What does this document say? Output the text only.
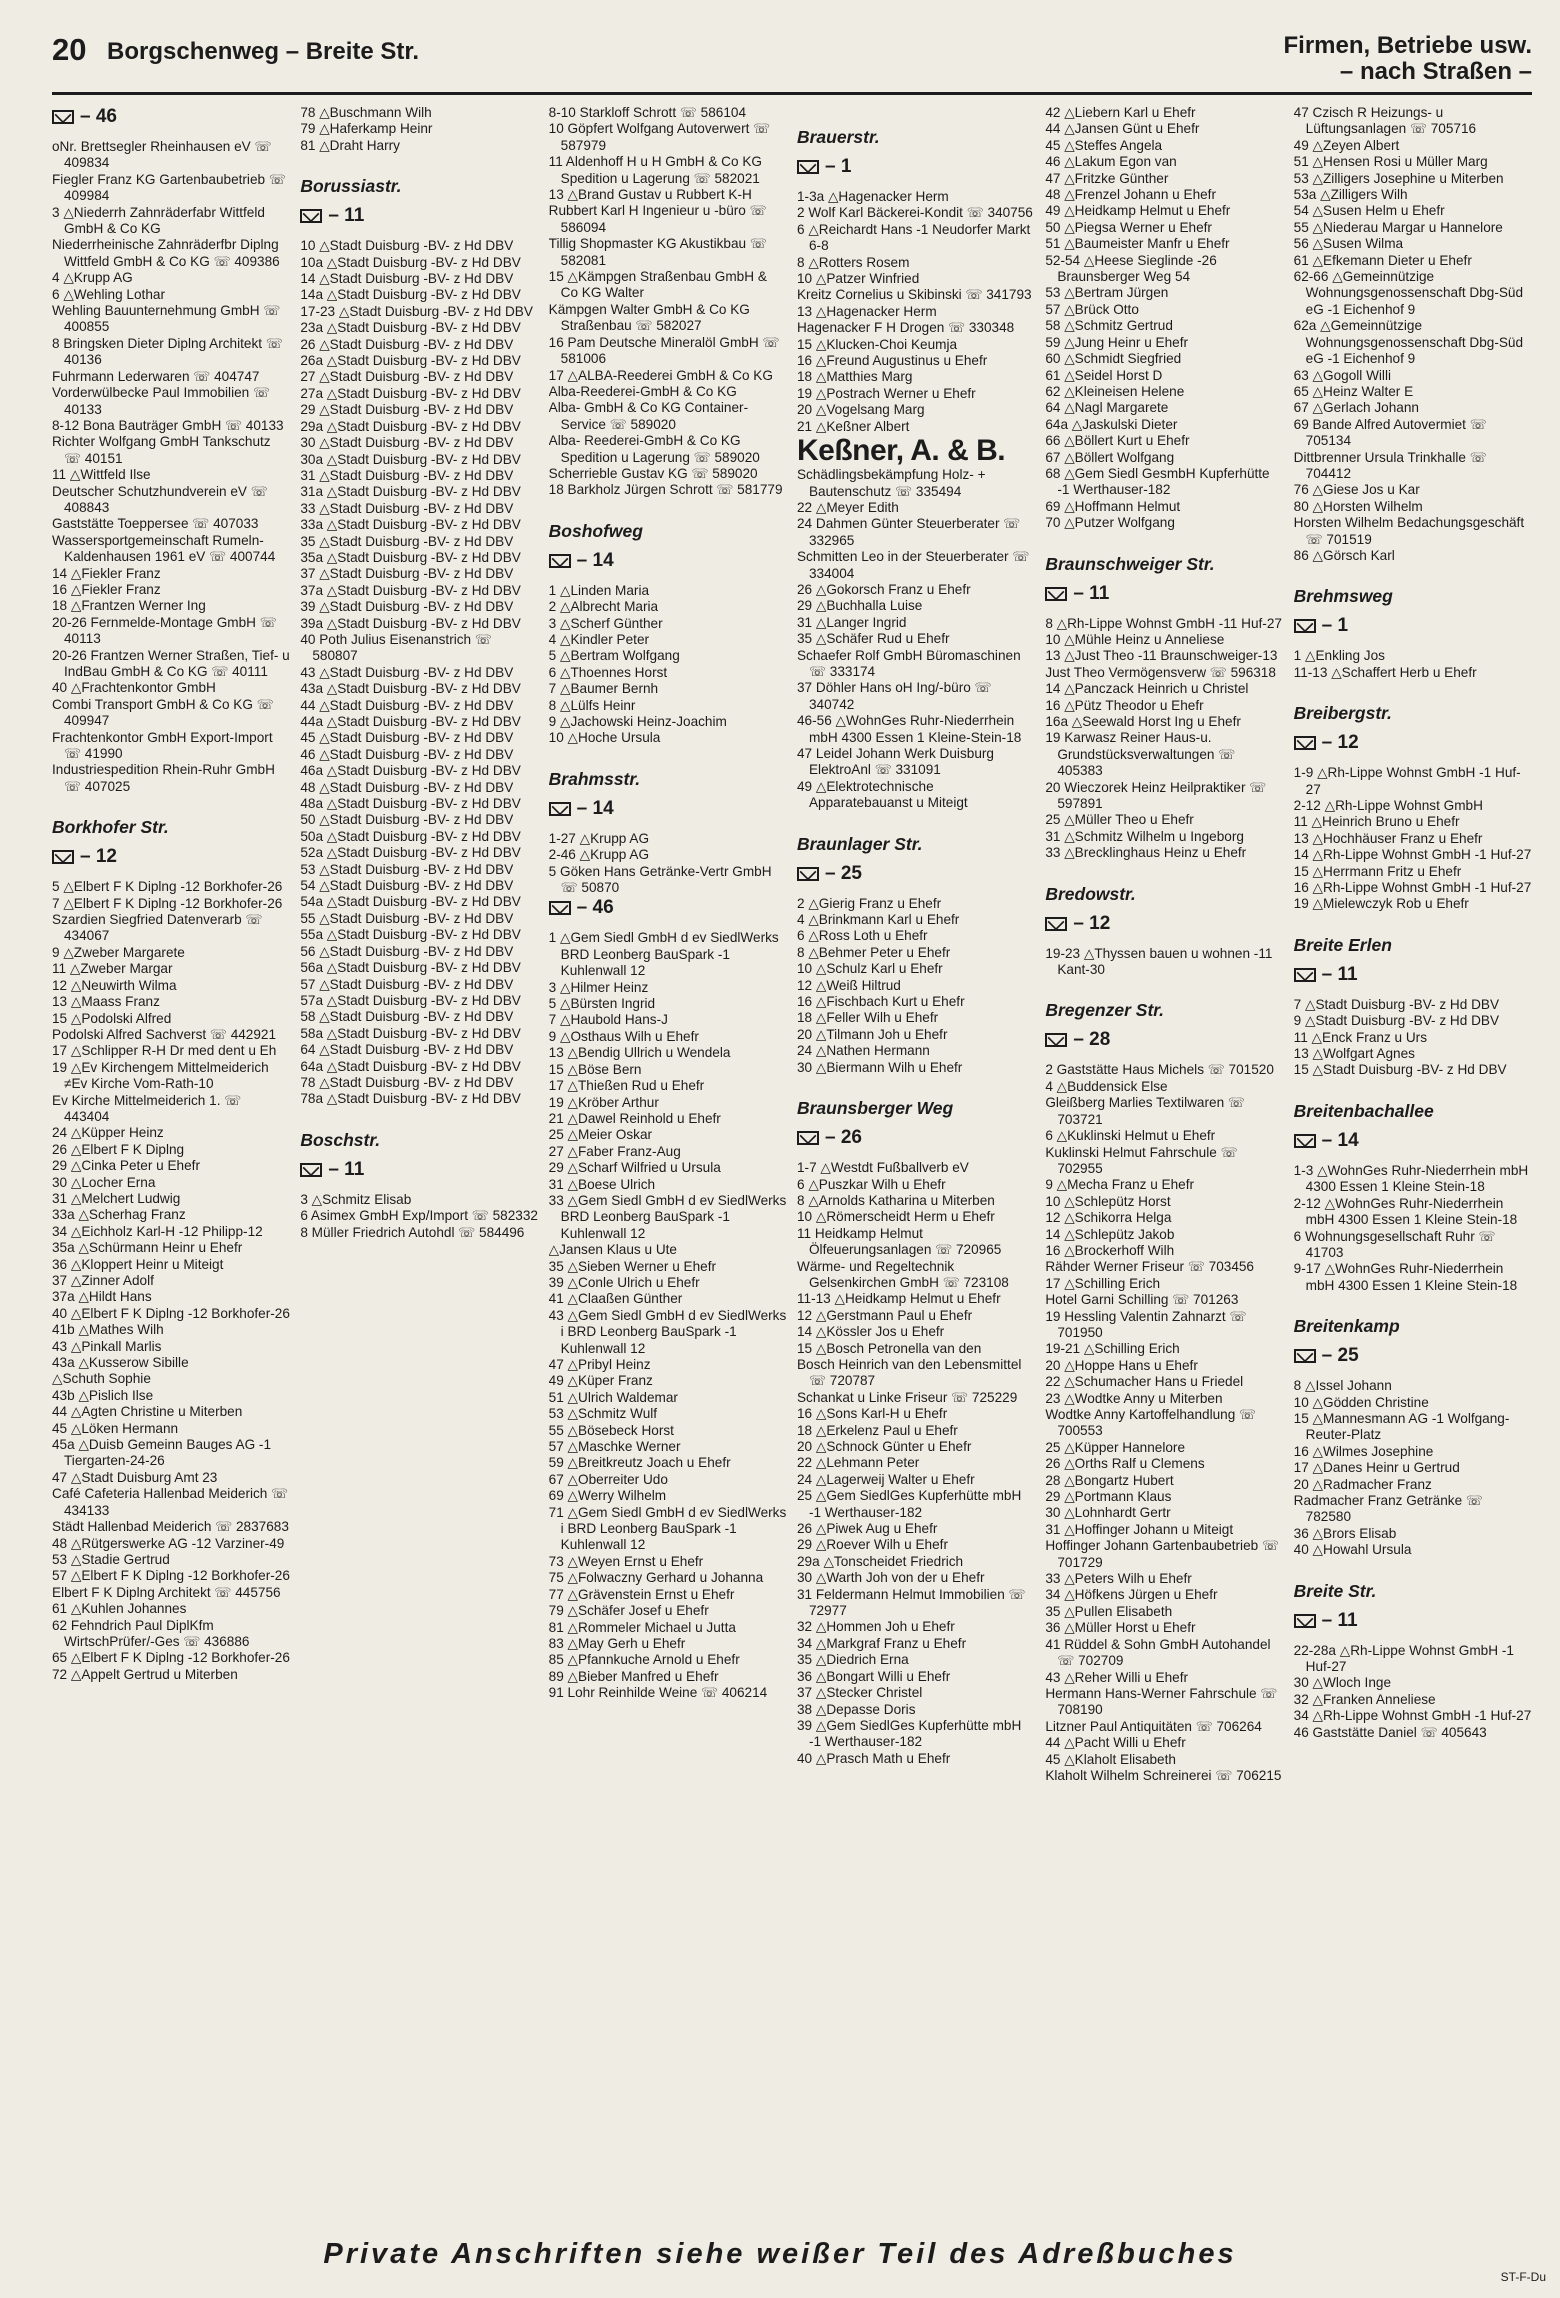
20 Borgschenweg – Breite Str.	Firmen, Betriebe usw.
– nach Straßen –
– 46

oNr. Brettsegler Rheinhausen eV ☏ 409834

Fiegler Franz KG Gartenbaubetrieb ☏ 409984

3 △Niederrh Zahnräderfabr Wittfeld GmbH & Co KG

Niederrheinische Zahnräderfbr Diplng Wittfeld GmbH & Co KG ☏ 409386

4 △Krupp AG

6 △Wehling Lothar

Wehling Bauunternehmung GmbH ☏ 400855

8 Bringsken Dieter Diplng Architekt ☏ 40136

Fuhrmann Lederwaren ☏ 404747

Vorderwülbecke Paul Immobilien ☏ 40133

8-12 Bona Bauträger GmbH ☏ 40133

Richter Wolfgang GmbH Tankschutz ☏ 40151

11 △Wittfeld Ilse

Deutscher Schutzhundverein eV ☏ 408843

Gaststätte Toeppersee ☏ 407033

Wassersportgemeinschaft Rumeln-Kaldenhausen 1961 eV ☏ 400744

14 △Fiekler Franz

16 △Fiekler Franz

18 △Frantzen Werner Ing

20-26 Fernmelde-Montage GmbH ☏ 40113

20-26 Frantzen Werner Straßen, Tief- u IndBau GmbH & Co KG ☏ 40111

40 △Frachtenkontor GmbH

Combi Transport GmbH & Co KG ☏ 409947

Frachtenkontor GmbH Export-Import ☏ 41990

Industriespedition Rhein-Ruhr GmbH ☏ 407025

Borkhofer Str.
– 12

5 △Elbert F K Diplng -12 Borkhofer-26

7 △Elbert F K Diplng -12 Borkhofer-26

Szardien Siegfried Datenverarb ☏ 434067

9 △Zweber Margarete

11 △Zweber Margar

12 △Neuwirth Wilma

13 △Maass Franz

15 △Podolski Alfred

Podolski Alfred Sachverst ☏ 442921

17 △Schlipper R-H Dr med dent u Eh

19 △Ev Kirchengem Mittelmeiderich ≠Ev Kirche Vom-Rath-10

Ev Kirche Mittelmeiderich 1. ☏ 443404

24 △Küpper Heinz

26 △Elbert F K Diplng

29 △Cinka Peter u Ehefr

30 △Locher Erna

31 △Melchert Ludwig

33a △Scherhag Franz

34 △Eichholz Karl-H -12 Philipp-12

35a △Schürmann Heinr u Ehefr

36 △Kloppert Heinr u Miteigt

37 △Zinner Adolf

37a △Hildt Hans

40 △Elbert F K Diplng -12 Borkhofer-26

41b △Mathes Wilh

43 △Pinkall Marlis

43a △Kusserow Sibille

△Schuth Sophie

43b △Pislich Ilse

44 △Agten Christine u Miterben

45 △Löken Hermann

45a △Duisb Gemeinn Bauges AG -1 Tiergarten-24-26

47 △Stadt Duisburg Amt 23

Café Cafeteria Hallenbad Meiderich ☏ 434133

Städt Hallenbad Meiderich ☏ 2837683

48 △Rütgerswerke AG -12 Varziner-49

53 △Stadie Gertrud

57 △Elbert F K Diplng -12 Borkhofer-26

Elbert F K Diplng Architekt ☏ 445756

61 △Kuhlen Johannes

62 Fehndrich Paul DiplKfm WirtschPrüfer/-Ges ☏ 436886

65 △Elbert F K Diplng -12 Borkhofer-26

72 △Appelt Gertrud u Miterben

78 △Buschmann Wilh

79 △Haferkamp Heinr

81 △Draht Harry

Borussiastr.
– 11

10 △Stadt Duisburg -BV- z Hd DBV

10a △Stadt Duisburg -BV- z Hd DBV

14 △Stadt Duisburg -BV- z Hd DBV

14a △Stadt Duisburg -BV- z Hd DBV

17-23 △Stadt Duisburg -BV- z Hd DBV

23a △Stadt Duisburg -BV- z Hd DBV

26 △Stadt Duisburg -BV- z Hd DBV

26a △Stadt Duisburg -BV- z Hd DBV

27 △Stadt Duisburg -BV- z Hd DBV

27a △Stadt Duisburg -BV- z Hd DBV

29 △Stadt Duisburg -BV- z Hd DBV

29a △Stadt Duisburg -BV- z Hd DBV

30 △Stadt Duisburg -BV- z Hd DBV

30a △Stadt Duisburg -BV- z Hd DBV

31 △Stadt Duisburg -BV- z Hd DBV

31a △Stadt Duisburg -BV- z Hd DBV

33 △Stadt Duisburg -BV- z Hd DBV

33a △Stadt Duisburg -BV- z Hd DBV

35 △Stadt Duisburg -BV- z Hd DBV

35a △Stadt Duisburg -BV- z Hd DBV

37 △Stadt Duisburg -BV- z Hd DBV

37a △Stadt Duisburg -BV- z Hd DBV

39 △Stadt Duisburg -BV- z Hd DBV

39a △Stadt Duisburg -BV- z Hd DBV

40 Poth Julius Eisenanstrich ☏ 580807

43 △Stadt Duisburg -BV- z Hd DBV

43a △Stadt Duisburg -BV- z Hd DBV

44 △Stadt Duisburg -BV- z Hd DBV

44a △Stadt Duisburg -BV- z Hd DBV

45 △Stadt Duisburg -BV- z Hd DBV

46 △Stadt Duisburg -BV- z Hd DBV

46a △Stadt Duisburg -BV- z Hd DBV

48 △Stadt Duisburg -BV- z Hd DBV

48a △Stadt Duisburg -BV- z Hd DBV

50 △Stadt Duisburg -BV- z Hd DBV

50a △Stadt Duisburg -BV- z Hd DBV

52a △Stadt Duisburg -BV- z Hd DBV

53 △Stadt Duisburg -BV- z Hd DBV

54 △Stadt Duisburg -BV- z Hd DBV

54a △Stadt Duisburg -BV- z Hd DBV

55 △Stadt Duisburg -BV- z Hd DBV

55a △Stadt Duisburg -BV- z Hd DBV

56 △Stadt Duisburg -BV- z Hd DBV

56a △Stadt Duisburg -BV- z Hd DBV

57 △Stadt Duisburg -BV- z Hd DBV

57a △Stadt Duisburg -BV- z Hd DBV

58 △Stadt Duisburg -BV- z Hd DBV

58a △Stadt Duisburg -BV- z Hd DBV

64 △Stadt Duisburg -BV- z Hd DBV

64a △Stadt Duisburg -BV- z Hd DBV

78 △Stadt Duisburg -BV- z Hd DBV

78a △Stadt Duisburg -BV- z Hd DBV

Boschstr.
– 11

3 △Schmitz Elisab

6 Asimex GmbH Exp/Import ☏ 582332

8 Müller Friedrich Autohdl ☏ 584496

8-10 Starkloff Schrott ☏ 586104

10 Göpfert Wolfgang Autoverwert ☏ 587979

11 Aldenhoff H u H GmbH & Co KG Spedition u Lagerung ☏ 582021

13 △Brand Gustav u Rubbert K-H

Rubbert Karl H Ingenieur u -büro ☏ 586094

Tillig Shopmaster KG Akustikbau ☏ 582081

15 △Kämpgen Straßenbau GmbH & Co KG Walter

Kämpgen Walter GmbH & Co KG Straßenbau ☏ 582027

16 Pam Deutsche Mineralöl GmbH ☏ 581006

17 △ALBA-Reederei GmbH & Co KG

Alba-Reederei-GmbH & Co KG

Alba- GmbH & Co KG Container-Service ☏ 589020

Alba- Reederei-GmbH & Co KG Spedition u Lagerung ☏ 589020

Scherrieble Gustav KG ☏ 589020

18 Barkholz Jürgen Schrott ☏ 581779

Boshofweg
– 14

1 △Linden Maria

2 △Albrecht Maria

3 △Scherf Günther

4 △Kindler Peter

5 △Bertram Wolfgang

6 △Thoennes Horst

7 △Baumer Bernh

8 △Lülfs Heinr

9 △Jachowski Heinz-Joachim

10 △Hoche Ursula

Brahmsstr.
– 14

1-27 △Krupp AG

2-46 △Krupp AG

5 Göken Hans Getränke-Vertr GmbH ☏ 50870

– 46

1 △Gem Siedl GmbH d ev SiedlWerks BRD Leonberg BauSpark -1 Kuhlenwall 12

3 △Hilmer Heinz

5 △Bürsten Ingrid

7 △Haubold Hans-J

9 △Osthaus Wilh u Ehefr

13 △Bendig Ullrich u Wendela

15 △Böse Bern

17 △Thießen Rud u Ehefr

19 △Kröber Arthur

21 △Dawel Reinhold u Ehefr

25 △Meier Oskar

27 △Faber Franz-Aug

29 △Scharf Wilfried u Ursula

31 △Boese Ulrich

33 △Gem Siedl GmbH d ev SiedlWerks BRD Leonberg BauSpark -1 Kuhlenwall 12

△Jansen Klaus u Ute

35 △Sieben Werner u Ehefr

39 △Conle Ulrich u Ehefr

41 △Claaßen Günther

43 △Gem Siedl GmbH d ev SiedlWerks i BRD Leonberg BauSpark -1 Kuhlenwall 12

47 △Pribyl Heinz

49 △Küper Franz

51 △Ulrich Waldemar

53 △Schmitz Wulf

55 △Bösebeck Horst

57 △Maschke Werner

59 △Breitkreutz Joach u Ehefr

67 △Oberreiter Udo

69 △Werry Wilhelm

71 △Gem Siedl GmbH d ev SiedlWerks i BRD Leonberg BauSpark -1 Kuhlenwall 12

73 △Weyen Ernst u Ehefr

75 △Folwaczny Gerhard u Johanna

77 △Grävenstein Ernst u Ehefr

79 △Schäfer Josef u Ehefr

81 △Rommeler Michael u Jutta

83 △May Gerh u Ehefr

85 △Pfannkuche Arnold u Ehefr

89 △Bieber Manfred u Ehefr

91 Lohr Reinhilde Weine ☏ 406214

Brauerstr.
– 1

1-3a △Hagenacker Herm

2 Wolf Karl Bäckerei-Kondit ☏ 340756

6 △Reichardt Hans -1 Neudorfer Markt 6-8

8 △Rotters Rosem

10 △Patzer Winfried

Kreitz Cornelius u Skibinski ☏ 341793

13 △Hagenacker Herm

Hagenacker F H Drogen ☏ 330348

15 △Klucken-Choi Keumja

16 △Freund Augustinus u Ehefr

18 △Matthies Marg

19 △Postrach Werner u Ehefr

20 △Vogelsang Marg

21 △Keßner Albert

Keßner, A. & B.

Schädlingsbekämpfung Holz- + Bautenschutz ☏ 335494

22 △Meyer Edith

24 Dahmen Günter Steuerberater ☏ 332965

Schmitten Leo in der Steuerberater ☏ 334004

26 △Gokorsch Franz u Ehefr

29 △Buchhalla Luise

31 △Langer Ingrid

35 △Schäfer Rud u Ehefr

Schaefer Rolf GmbH Büromaschinen ☏ 333174

37 Döhler Hans oH Ing/-büro ☏ 340742

46-56 △WohnGes Ruhr-Niederrhein mbH 4300 Essen 1 Kleine-Stein-18

47 Leidel Johann Werk Duisburg ElektroAnl ☏ 331091

49 △Elektrotechnische Apparatebauanst u Miteigt

Braunlager Str.
– 25

2 △Gierig Franz u Ehefr

4 △Brinkmann Karl u Ehefr

6 △Ross Loth u Ehefr

8 △Behmer Peter u Ehefr

10 △Schulz Karl u Ehefr

12 △Weiß Hiltrud

16 △Fischbach Kurt u Ehefr

18 △Feller Wilh u Ehefr

20 △Tilmann Joh u Ehefr

24 △Nathen Hermann

30 △Biermann Wilh u Ehefr

Braunsberger Weg
– 26

1-7 △Westdt Fußballverb eV

6 △Puszkar Wilh u Ehefr

8 △Arnolds Katharina u Miterben

10 △Römerscheidt Herm u Ehefr

11 Heidkamp Helmut Ölfeuerungsanlagen ☏ 720965

Wärme- und Regeltechnik Gelsenkirchen GmbH ☏ 723108

11-13 △Heidkamp Helmut u Ehefr

12 △Gerstmann Paul u Ehefr

14 △Kössler Jos u Ehefr

15 △Bosch Petronella van den

Bosch Heinrich van den Lebensmittel ☏ 720787

Schankat u Linke Friseur ☏ 725229

16 △Sons Karl-H u Ehefr

18 △Erkelenz Paul u Ehefr

20 △Schnock Günter u Ehefr

22 △Lehmann Peter

24 △Lagerweij Walter u Ehefr

25 △Gem SiedlGes Kupferhütte mbH -1 Werthauser-182

26 △Piwek Aug u Ehefr

29 △Roever Wilh u Ehefr

29a △Tonscheidet Friedrich

30 △Warth Joh von der u Ehefr

31 Feldermann Helmut Immobilien ☏ 72977

32 △Hommen Joh u Ehefr

34 △Markgraf Franz u Ehefr

35 △Diedrich Erna

36 △Bongart Willi u Ehefr

37 △Stecker Christel

38 △Depasse Doris

39 △Gem SiedlGes Kupferhütte mbH -1 Werthauser-182

40 △Prasch Math u Ehefr

42 △Liebern Karl u Ehefr

44 △Jansen Günt u Ehefr

45 △Steffes Angela

46 △Lakum Egon van

47 △Fritzke Günther

48 △Frenzel Johann u Ehefr

49 △Heidkamp Helmut u Ehefr

50 △Piegsa Werner u Ehefr

51 △Baumeister Manfr u Ehefr

52-54 △Heese Sieglinde -26 Braunsberger Weg 54

53 △Bertram Jürgen

57 △Brück Otto

58 △Schmitz Gertrud

59 △Jung Heinr u Ehefr

60 △Schmidt Siegfried

61 △Seidel Horst D

62 △Kleineisen Helene

64 △Nagl Margarete

64a △Jaskulski Dieter

66 △Böllert Kurt u Ehefr

67 △Böllert Wolfgang

68 △Gem Siedl GesmbH Kupferhütte -1 Werthauser-182

69 △Hoffmann Helmut

70 △Putzer Wolfgang

Braunschweiger Str.
– 11

8 △Rh-Lippe Wohnst GmbH -11 Huf-27

10 △Mühle Heinz u Anneliese

13 △Just Theo -11 Braunschweiger-13

Just Theo Vermögensverw ☏ 596318

14 △Panczack Heinrich u Christel

16 △Pütz Theodor u Ehefr

16a △Seewald Horst Ing u Ehefr

19 Karwasz Reiner Haus-u. Grundstücksverwaltungen ☏ 405383

20 Wieczorek Heinz Heilpraktiker ☏ 597891

25 △Müller Theo u Ehefr

31 △Schmitz Wilhelm u Ingeborg

33 △Brecklinghaus Heinz u Ehefr

Bredowstr.
– 12

19-23 △Thyssen bauen u wohnen -11 Kant-30

Bregenzer Str.
– 28

2 Gaststätte Haus Michels ☏ 701520

4 △Buddensick Else

Gleißberg Marlies Textilwaren ☏ 703721

6 △Kuklinski Helmut u Ehefr

Kuklinski Helmut Fahrschule ☏ 702955

9 △Mecha Franz u Ehefr

10 △Schlepütz Horst

12 △Schikorra Helga

14 △Schlepütz Jakob

16 △Brockerhoff Wilh

Rähder Werner Friseur ☏ 703456

17 △Schilling Erich

Hotel Garni Schilling ☏ 701263

19 Hessling Valentin Zahnarzt ☏ 701950

19-21 △Schilling Erich

20 △Hoppe Hans u Ehefr

22 △Schumacher Hans u Friedel

23 △Wodtke Anny u Miterben

Wodtke Anny Kartoffelhandlung ☏ 700553

25 △Küpper Hannelore

26 △Orths Ralf u Clemens

28 △Bongartz Hubert

29 △Portmann Klaus

30 △Lohnhardt Gertr

31 △Hoffinger Johann u Miteigt

Hoffinger Johann Gartenbaubetrieb ☏ 701729

33 △Peters Wilh u Ehefr

34 △Höfkens Jürgen u Ehefr

35 △Pullen Elisabeth

36 △Müller Horst u Ehefr

41 Rüddel & Sohn GmbH Autohandel ☏ 702709

43 △Reher Willi u Ehefr

Hermann Hans-Werner Fahrschule ☏ 708190

Litzner Paul Antiquitäten ☏ 706264

44 △Pacht Willi u Ehefr

45 △Klaholt Elisabeth

Klaholt Wilhelm Schreinerei ☏ 706215

47 Czisch R Heizungs- u Lüftungsanlagen ☏ 705716

49 △Zeyen Albert

51 △Hensen Rosi u Müller Marg

53 △Zilligers Josephine u Miterben

53a △Zilligers Wilh

54 △Susen Helm u Ehefr

55 △Niederau Margar u Hannelore

56 △Susen Wilma

61 △Efkemann Dieter u Ehefr

62-66 △Gemeinnützige Wohnungsgenossenschaft Dbg-Süd eG -1 Eichenhof 9

62a △Gemeinnützige Wohnungsgenossenschaft Dbg-Süd eG -1 Eichenhof 9

63 △Gogoll Willi

65 △Heinz Walter E

67 △Gerlach Johann

69 Bande Alfred Autovermiet ☏ 705134

Dittbrenner Ursula Trinkhalle ☏ 704412

76 △Giese Jos u Kar

80 △Horsten Wilhelm

Horsten Wilhelm Bedachungsgeschäft ☏ 701519

86 △Görsch Karl

Brehmsweg
– 1

1 △Enkling Jos

11-13 △Schaffert Herb u Ehefr

Breibergstr.
– 12

1-9 △Rh-Lippe Wohnst GmbH -1 Huf-27

2-12 △Rh-Lippe Wohnst GmbH

11 △Heinrich Bruno u Ehefr

13 △Hochhäuser Franz u Ehefr

14 △Rh-Lippe Wohnst GmbH -1 Huf-27

15 △Herrmann Fritz u Ehefr

16 △Rh-Lippe Wohnst GmbH -1 Huf-27

19 △Mielewczyk Rob u Ehefr

Breite Erlen
– 11

7 △Stadt Duisburg -BV- z Hd DBV

9 △Stadt Duisburg -BV- z Hd DBV

11 △Enck Franz u Urs

13 △Wolfgart Agnes

15 △Stadt Duisburg -BV- z Hd DBV

Breitenbachallee
– 14

1-3 △WohnGes Ruhr-Niederrhein mbH 4300 Essen 1 Kleine Stein-18

2-12 △WohnGes Ruhr-Niederrhein mbH 4300 Essen 1 Kleine Stein-18

6 Wohnungsgesellschaft Ruhr ☏ 41703

9-17 △WohnGes Ruhr-Niederrhein mbH 4300 Essen 1 Kleine Stein-18

Breitenkamp
– 25

8 △Issel Johann

10 △Gödden Christine

15 △Mannesmann AG -1 Wolfgang-Reuter-Platz

16 △Wilmes Josephine

17 △Danes Heinr u Gertrud

20 △Radmacher Franz

Radmacher Franz Getränke ☏ 782580

36 △Brors Elisab

40 △Howahl Ursula

Breite Str.
– 11

22-28a △Rh-Lippe Wohnst GmbH -1 Huf-27

30 △Wloch Inge

32 △Franken Anneliese

34 △Rh-Lippe Wohnst GmbH -1 Huf-27

46 Gaststätte Daniel ☏ 405643

Private Anschriften siehe weißer Teil des Adreßbuches
ST-F-Du
